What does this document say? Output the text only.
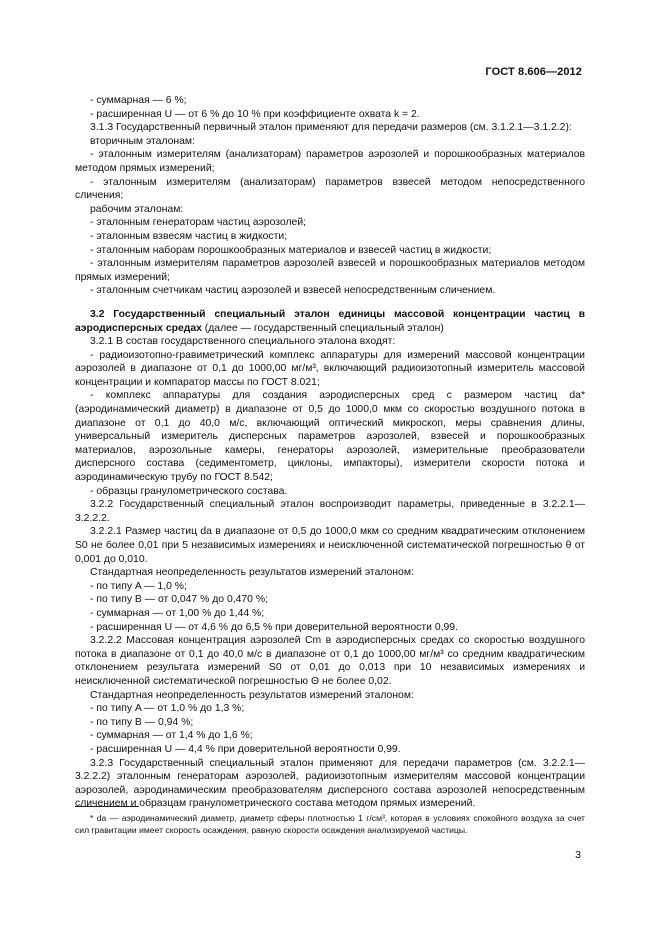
ГОСТ 8.606—2012

- суммарная — 6 %;

- расширенная U — от 6 % до 10 % при коэффициенте охвата k = 2.

3.1.3 Государственный первичный эталон применяют для передачи размеров (см. 3.1.2.1—3.1.2.2):

вторичным эталонам:

- эталонным измерителям (анализаторам) параметров аэрозолей и порошкообразных материалов методом прямых измерений;

- эталонным измерителям (анализаторам) параметров взвесей методом непосредственного сличения;

рабочим эталонам:

- эталонным генераторам частиц аэрозолей;

- эталонным взвесям частиц в жидкости;

- эталонным наборам порошкообразных материалов и взвесей частиц в жидкости;

- эталонным измерителям параметров аэрозолей взвесей и порошкообразных материалов методом прямых измерений;

- эталонным счетчикам частиц аэрозолей и взвесей непосредственным сличением.

3.2 Государственный специальный эталон единицы массовой концентрации частиц в аэродисперсных средах (далее — государственный специальный эталон)

3.2.1 В состав государственного специального эталона входят:

- радиоизотопно-гравиметрический комплекс аппаратуры для измерений массовой концентрации аэрозолей в диапазоне от 0,1 до 1000,00 мг/м³, включающий радиоизотопный измеритель массовой концентрации и компаратор массы по ГОСТ 8.021;

- комплекс аппаратуры для создания аэродисперсных сред с размером частиц dа* (аэродинамический диаметр) в диапазоне от 0,5 до 1000,0 мкм со скоростью воздушного потока в диапазоне от 0,1 до 40,0 м/с, включающий оптический микроскоп, меры сравнения длины, универсальный измеритель дисперсных параметров аэрозолей, взвесей и порошкообразных материалов, аэрозольные камеры, генераторы аэрозолей, измерительные преобразователи дисперсного состава (седиментометр, циклоны, импакторы), измерители скорости потока и аэродинамическую трубу по ГОСТ 8.542;

- образцы гранулометрического состава.

3.2.2 Государственный специальный эталон воспроизводит параметры, приведенные в 3.2.2.1—3.2.2.2.

3.2.2.1 Размер частиц dа в диапазоне от 0,5 до 1000,0 мкм со средним квадратическим отклонением S0 не более 0,01 при 5 независимых измерениях и неисключенной систематической погрешностью θ от 0,001 до 0,010.

Стандартная неопределенность результатов измерений эталоном:

- по типу A — 1,0 %;

- по типу B — от 0,047 % до 0,470 %;

- суммарная — от 1,00 % до 1,44 %;

- расширенная U — от 4,6 % до 6,5 % при доверительной вероятности 0,99.

3.2.2.2 Массовая концентрация аэрозолей Cm в аэродисперсных средах со скоростью воздушного потока в диапазоне от 0,1 до 40,0 м/с в диапазоне от 0,1 до 1000,00 мг/м³ со средним квадратическим отклонением результата измерений S0 от 0,01 до 0,013 при 10 независимых измерениях и неисключенной систематической погрешностью Θ не более 0,02.

Стандартная неопределенность результатов измерений эталоном:

- по типу A — от 1,0 % до 1,3 %;

- по типу B — 0,94 %;

- суммарная — от 1,4 % до 1,6 %;

- расширенная U — 4,4 % при доверительной вероятности 0,99.

3.2.3 Государственный специальный эталон применяют для передачи параметров (см. 3.2.2.1—3.2.2.2) эталонным генераторам аэрозолей, радиоизотопным измерителям массовой концентрации аэрозолей, аэродинамическим преобразователям дисперсного состава аэрозолей непосредственным сличением и образцам гранулометрического состава методом прямых измерений.

* dа — аэродинамический диаметр, диаметр сферы плотностью 1 г/см³, которая в условиях спокойного воздуха за счет сил гравитации имеет скорость осаждения, равную скорости осаждения анализируемой частицы.
3
